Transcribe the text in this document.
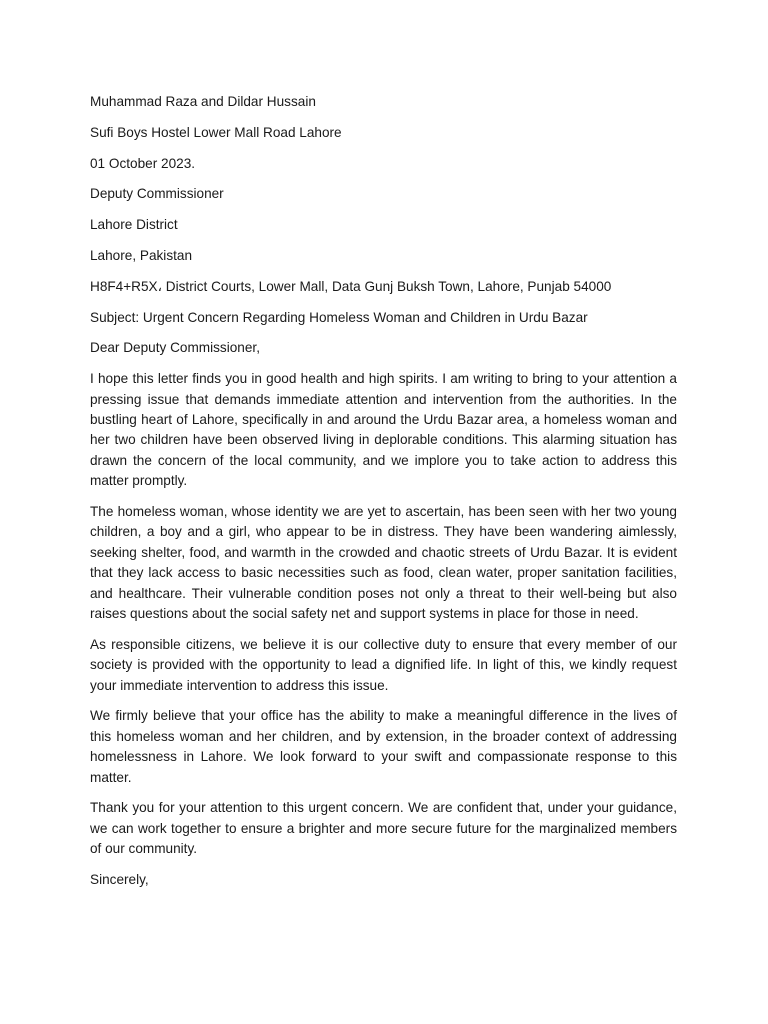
Muhammad Raza and Dildar Hussain

Sufi Boys Hostel Lower Mall Road Lahore

01 October 2023.

Deputy Commissioner

Lahore District

Lahore, Pakistan

H8F4+R5X، District Courts, Lower Mall, Data Gunj Buksh Town, Lahore, Punjab 54000

Subject: Urgent Concern Regarding Homeless Woman and Children in Urdu Bazar

Dear Deputy Commissioner,

I hope this letter finds you in good health and high spirits. I am writing to bring to your attention a pressing issue that demands immediate attention and intervention from the authorities. In the bustling heart of Lahore, specifically in and around the Urdu Bazar area, a homeless woman and her two children have been observed living in deplorable conditions. This alarming situation has drawn the concern of the local community, and we implore you to take action to address this matter promptly.

The homeless woman, whose identity we are yet to ascertain, has been seen with her two young children, a boy and a girl, who appear to be in distress. They have been wandering aimlessly, seeking shelter, food, and warmth in the crowded and chaotic streets of Urdu Bazar. It is evident that they lack access to basic necessities such as food, clean water, proper sanitation facilities, and healthcare. Their vulnerable condition poses not only a threat to their well-being but also raises questions about the social safety net and support systems in place for those in need.

As responsible citizens, we believe it is our collective duty to ensure that every member of our society is provided with the opportunity to lead a dignified life. In light of this, we kindly request your immediate intervention to address this issue.

We firmly believe that your office has the ability to make a meaningful difference in the lives of this homeless woman and her children, and by extension, in the broader context of addressing homelessness in Lahore. We look forward to your swift and compassionate response to this matter.

Thank you for your attention to this urgent concern. We are confident that, under your guidance, we can work together to ensure a brighter and more secure future for the marginalized members of our community.

Sincerely,
